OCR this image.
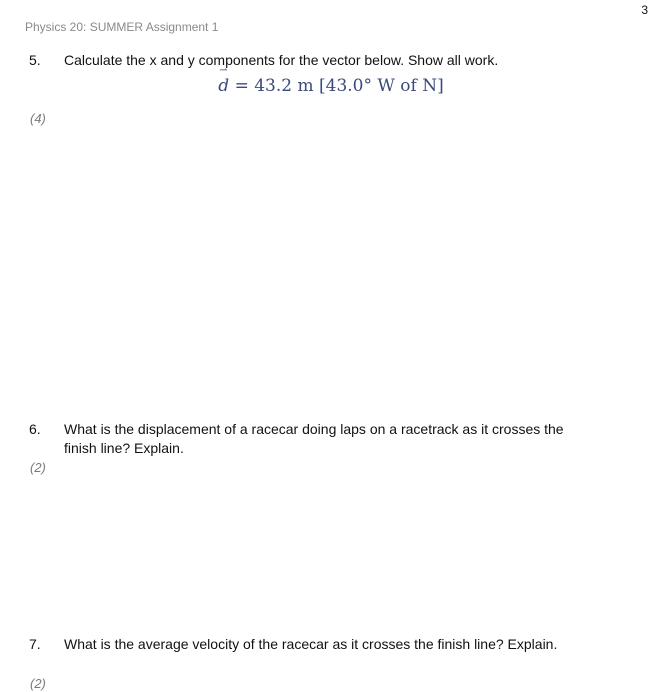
3
Physics 20: SUMMER Assignment 1
5. Calculate the x and y components for the vector below. Show all work.
⇀
d = 43.2 m [43.0° W of N]
(4)
6. What is the displacement of a racecar doing laps on a racetrack as it crosses the finish line? Explain.
(2)
7. What is the average velocity of the racecar as it crosses the finish line? Explain.
(2)
